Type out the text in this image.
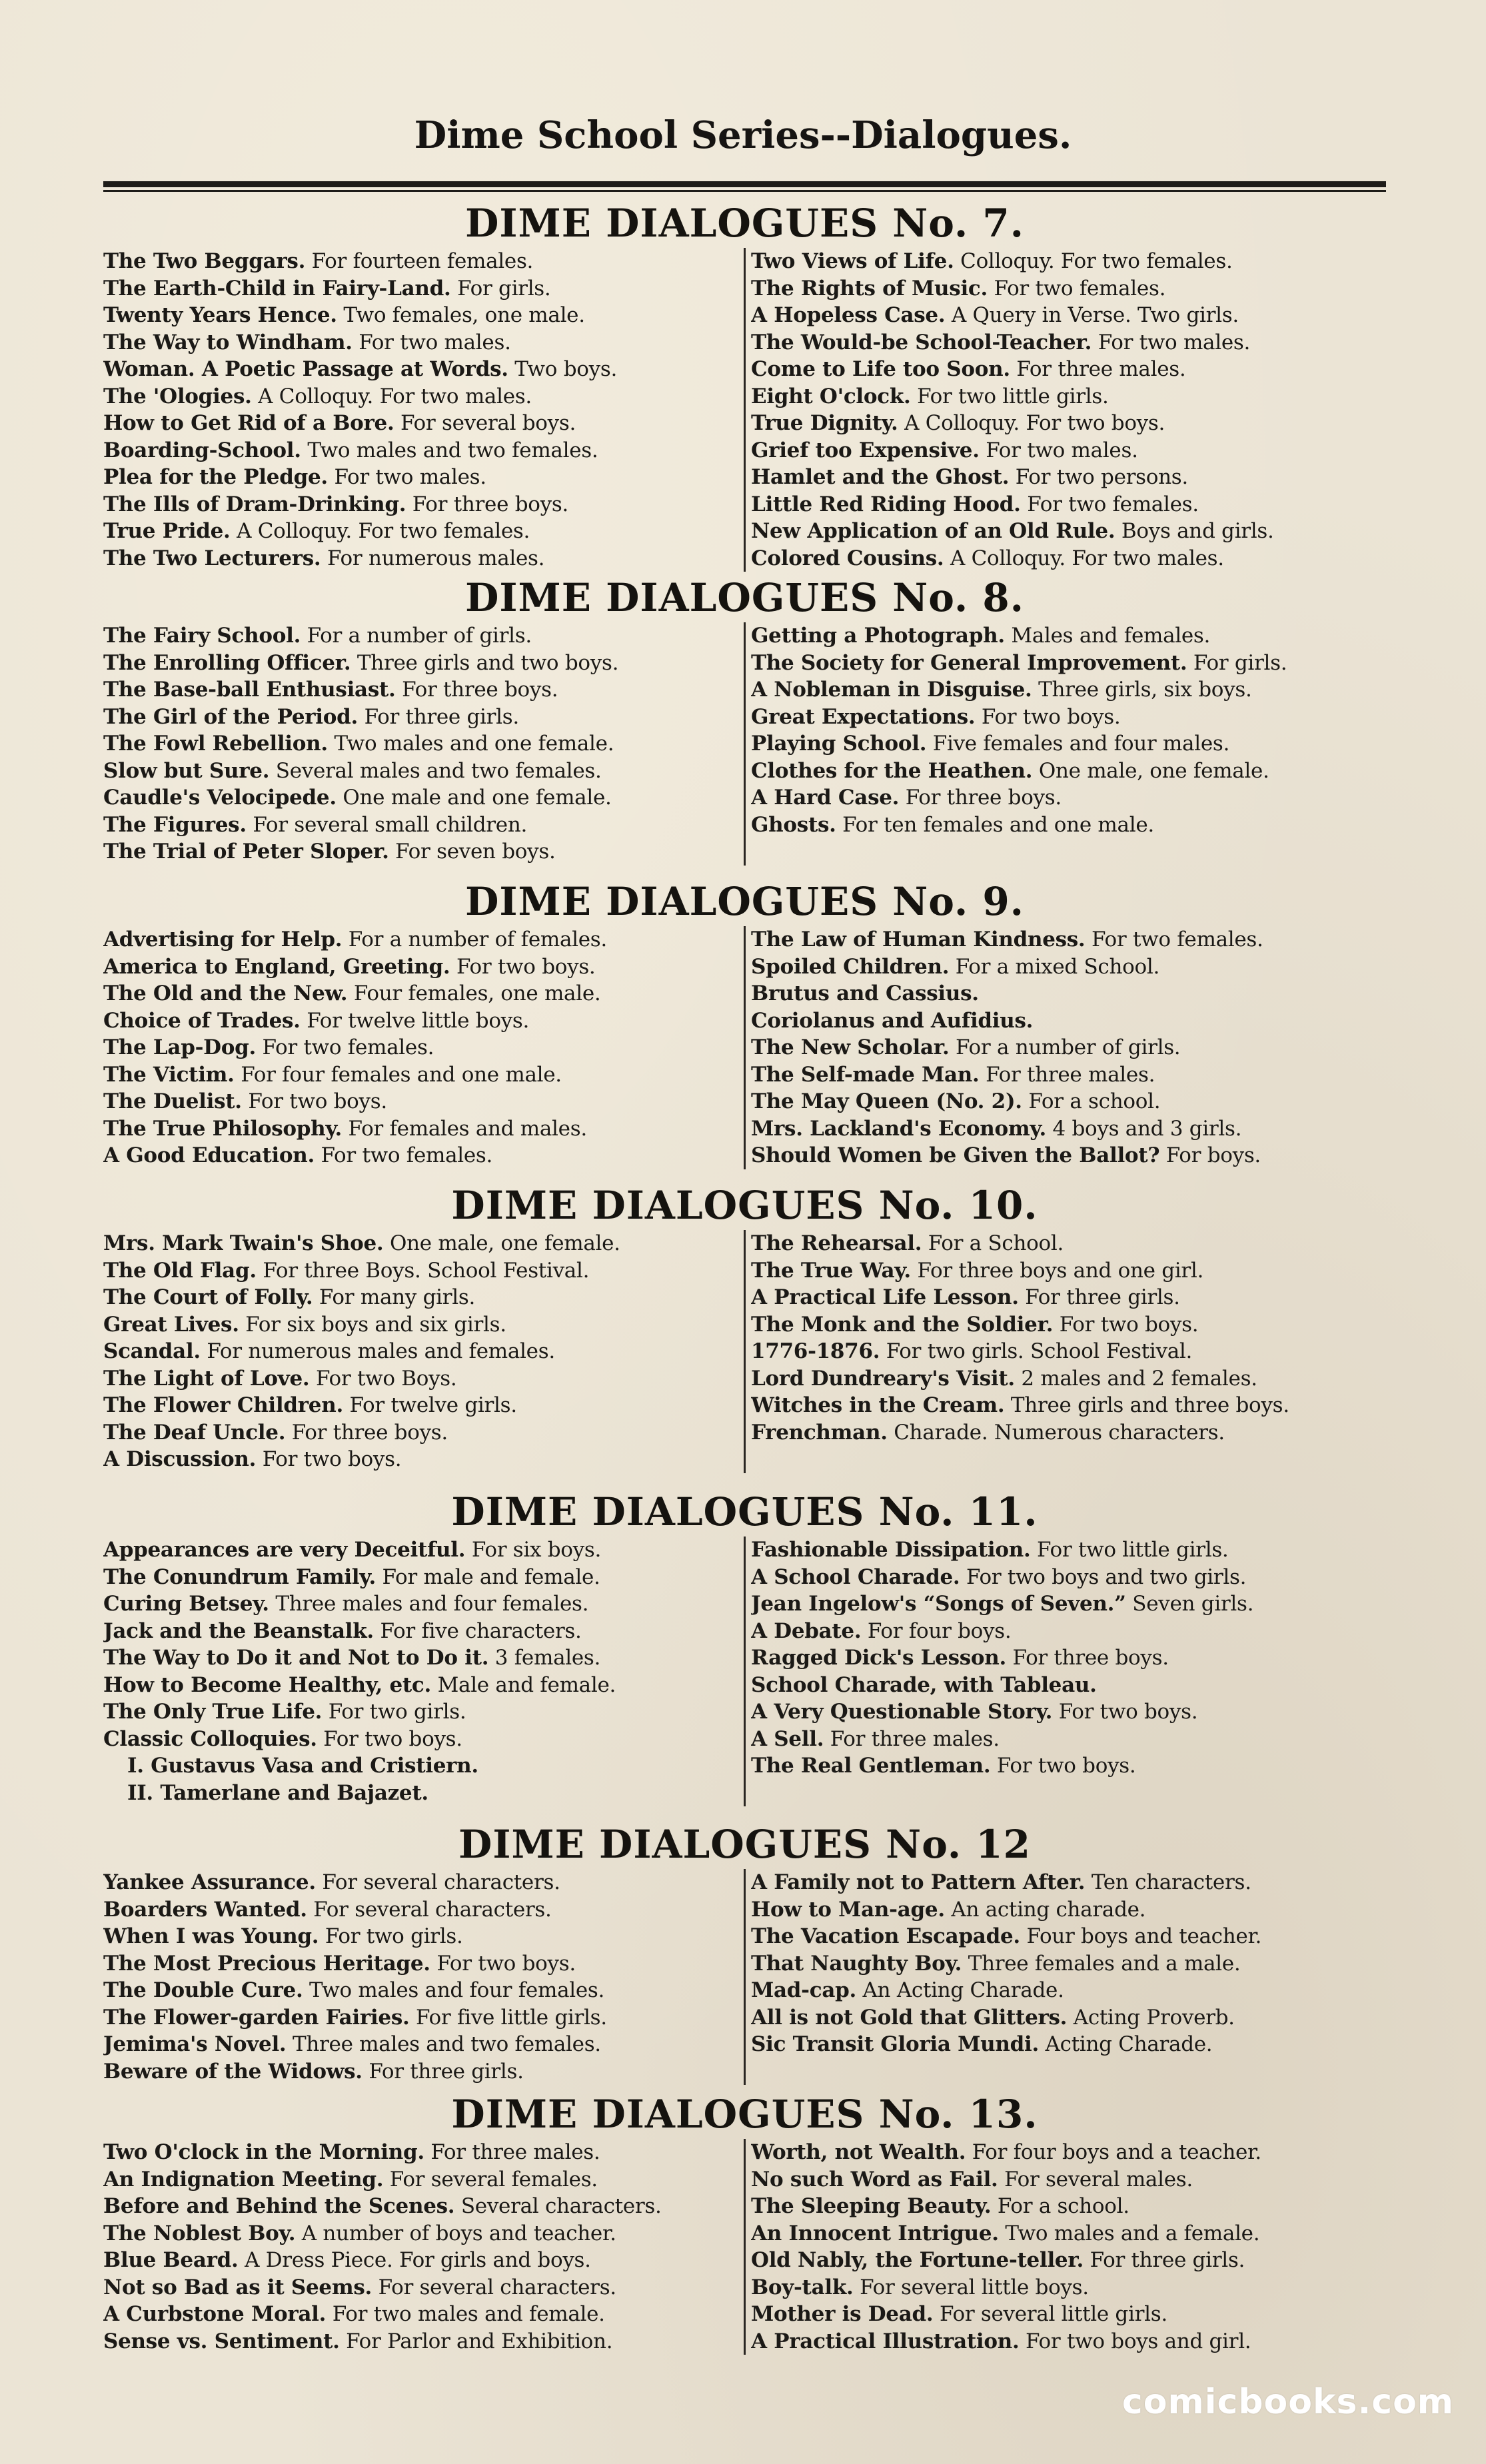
Dime School Series--Dialogues.
DIME DIALOGUES No. 7.
The Two Beggars. For fourteen females.
The Earth-Child in Fairy-Land. For girls.
Twenty Years Hence. Two females, one male.
The Way to Windham. For two males.
Woman. A Poetic Passage at Words. Two boys.
The 'Ologies. A Colloquy. For two males.
How to Get Rid of a Bore. For several boys.
Boarding-School. Two males and two females.
Plea for the Pledge. For two males.
The Ills of Dram-Drinking. For three boys.
True Pride. A Colloquy. For two females.
The Two Lecturers. For numerous males.
Two Views of Life. Colloquy. For two females.
The Rights of Music. For two females.
A Hopeless Case. A Query in Verse. Two girls.
The Would-be School-Teacher. For two males.
Come to Life too Soon. For three males.
Eight O'clock. For two little girls.
True Dignity. A Colloquy. For two boys.
Grief too Expensive. For two males.
Hamlet and the Ghost. For two persons.
Little Red Riding Hood. For two females.
New Application of an Old Rule. Boys and girls.
Colored Cousins. A Colloquy. For two males.
DIME DIALOGUES No. 8.
The Fairy School. For a number of girls.
The Enrolling Officer. Three girls and two boys.
The Base-ball Enthusiast. For three boys.
The Girl of the Period. For three girls.
The Fowl Rebellion. Two males and one female.
Slow but Sure. Several males and two females.
Caudle's Velocipede. One male and one female.
The Figures. For several small children.
The Trial of Peter Sloper. For seven boys.
Getting a Photograph. Males and females.
The Society for General Improvement. For girls.
A Nobleman in Disguise. Three girls, six boys.
Great Expectations. For two boys.
Playing School. Five females and four males.
Clothes for the Heathen. One male, one female.
A Hard Case. For three boys.
Ghosts. For ten females and one male.
DIME DIALOGUES No. 9.
Advertising for Help. For a number of females.
America to England, Greeting. For two boys.
The Old and the New. Four females, one male.
Choice of Trades. For twelve little boys.
The Lap-Dog. For two females.
The Victim. For four females and one male.
The Duelist. For two boys.
The True Philosophy. For females and males.
A Good Education. For two females.
The Law of Human Kindness. For two females.
Spoiled Children. For a mixed School.
Brutus and Cassius.
Coriolanus and Aufidius.
The New Scholar. For a number of girls.
The Self-made Man. For three males.
The May Queen (No. 2). For a school.
Mrs. Lackland's Economy. 4 boys and 3 girls.
Should Women be Given the Ballot? For boys.
DIME DIALOGUES No. 10.
Mrs. Mark Twain's Shoe. One male, one female.
The Old Flag. For three Boys. School Festival.
The Court of Folly. For many girls.
Great Lives. For six boys and six girls.
Scandal. For numerous males and females.
The Light of Love. For two Boys.
The Flower Children. For twelve girls.
The Deaf Uncle. For three boys.
A Discussion. For two boys.
The Rehearsal. For a School.
The True Way. For three boys and one girl.
A Practical Life Lesson. For three girls.
The Monk and the Soldier. For two boys.
1776-1876. For two girls. School Festival.
Lord Dundreary's Visit. 2 males and 2 females.
Witches in the Cream. Three girls and three boys.
Frenchman. Charade. Numerous characters.
DIME DIALOGUES No. 11.
Appearances are very Deceitful. For six boys.
The Conundrum Family. For male and female.
Curing Betsey. Three males and four females.
Jack and the Beanstalk. For five characters.
The Way to Do it and Not to Do it. 3 females.
How to Become Healthy, etc. Male and female.
The Only True Life. For two girls.
Classic Colloquies. For two boys.
I. Gustavus Vasa and Cristiern.
II. Tamerlane and Bajazet.
Fashionable Dissipation. For two little girls.
A School Charade. For two boys and two girls.
Jean Ingelow's “Songs of Seven.” Seven girls.
A Debate. For four boys.
Ragged Dick's Lesson. For three boys.
School Charade, with Tableau.
A Very Questionable Story. For two boys.
A Sell. For three males.
The Real Gentleman. For two boys.
DIME DIALOGUES No. 12
Yankee Assurance. For several characters.
Boarders Wanted. For several characters.
When I was Young. For two girls.
The Most Precious Heritage. For two boys.
The Double Cure. Two males and four females.
The Flower-garden Fairies. For five little girls.
Jemima's Novel. Three males and two females.
Beware of the Widows. For three girls.
A Family not to Pattern After. Ten characters.
How to Man-age. An acting charade.
The Vacation Escapade. Four boys and teacher.
That Naughty Boy. Three females and a male.
Mad-cap. An Acting Charade.
All is not Gold that Glitters. Acting Proverb.
Sic Transit Gloria Mundi. Acting Charade.
DIME DIALOGUES No. 13.
Two O'clock in the Morning. For three males.
An Indignation Meeting. For several females.
Before and Behind the Scenes. Several characters.
The Noblest Boy. A number of boys and teacher.
Blue Beard. A Dress Piece. For girls and boys.
Not so Bad as it Seems. For several characters.
A Curbstone Moral. For two males and female.
Sense vs. Sentiment. For Parlor and Exhibition.
Worth, not Wealth. For four boys and a teacher.
No such Word as Fail. For several males.
The Sleeping Beauty. For a school.
An Innocent Intrigue. Two males and a female.
Old Nably, the Fortune-teller. For three girls.
Boy-talk. For several little boys.
Mother is Dead. For several little girls.
A Practical Illustration. For two boys and girl.
comicbooks.com
